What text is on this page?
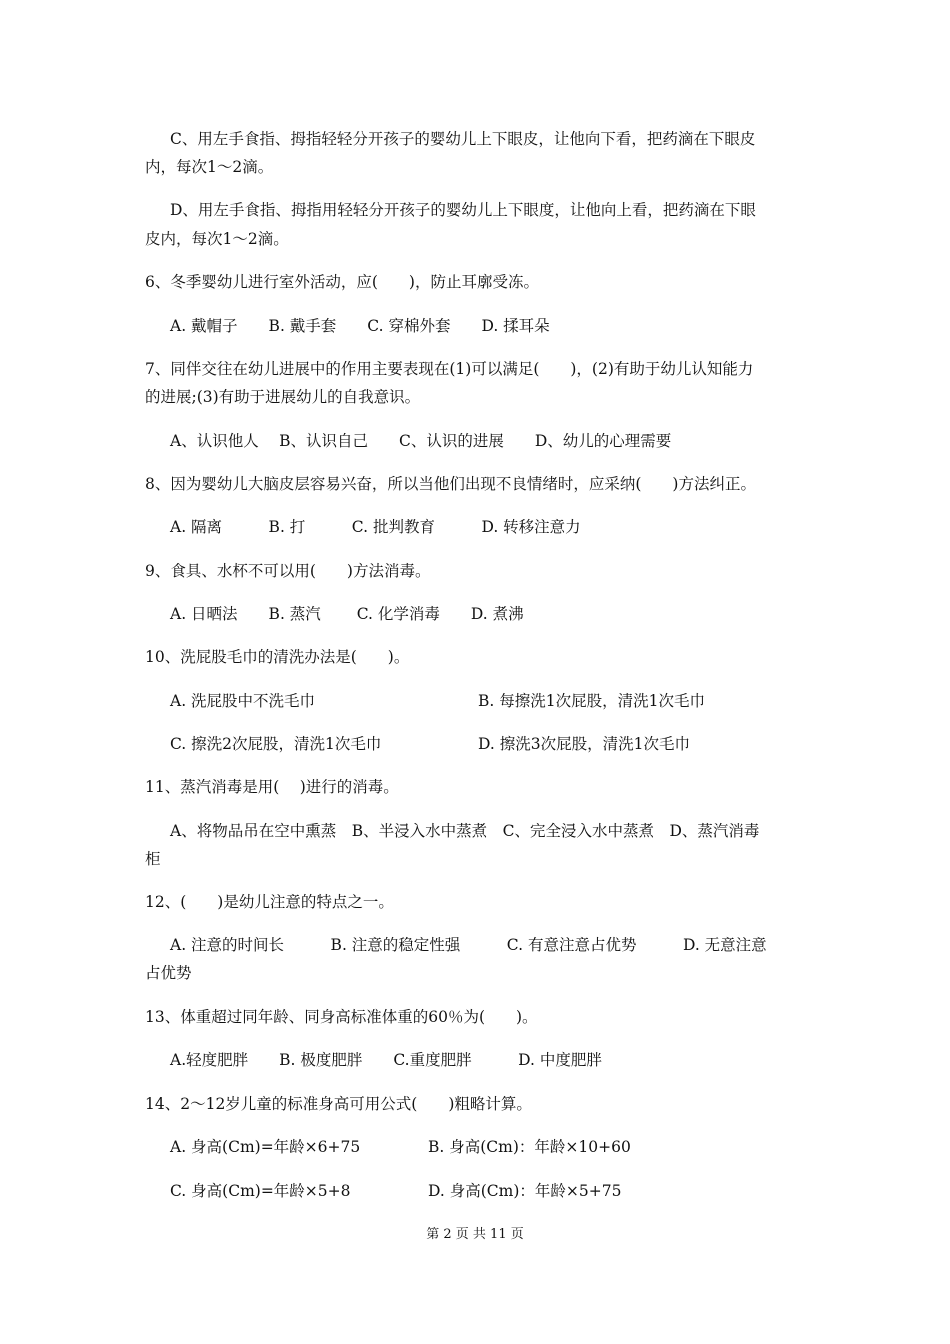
C、用左手食指、拇指轻轻分开孩子的婴幼儿上下眼皮，让他向下看，把药滴在下眼皮
内，每次1～2滴。
D、用左手食指、拇指用轻轻分开孩子的婴幼儿上下眼度，让他向上看，把药滴在下眼
皮内，每次1～2滴。
6、冬季婴幼儿进行室外活动，应(　　)，防止耳廓受冻。
A. 戴帽子　　B. 戴手套　　C. 穿棉外套　　D. 揉耳朵
7、同伴交往在幼儿进展中的作用主要表现在(1)可以满足(　　)，(2)有助于幼儿认知能力
的进展;(3)有助于进展幼儿的自我意识。
A、认识他人　 B、认识自己　　C、认识的进展　　D、幼儿的心理需要
8、因为婴幼儿大脑皮层容易兴奋，所以当他们出现不良情绪时，应采纳(　　)方法纠正。
A. 隔离　　　B. 打　　　C. 批判教育　　　D. 转移注意力
9、食具、水杯不可以用(　　)方法消毒。
A. 日晒法　　B. 蒸汽　　 C. 化学消毒　　D. 煮沸
10、洗屁股毛巾的清洗办法是(　　)。
A. 洗屁股中不洗毛巾	B. 每擦洗1次屁股，清洗1次毛巾
C. 擦洗2次屁股，清洗1次毛巾	D. 擦洗3次屁股，清洗1次毛巾
11、蒸汽消毒是用(　 )进行的消毒。
A、将物品吊在空中熏蒸　B、半浸入水中蒸煮　C、完全浸入水中蒸煮　D、蒸汽消毒
柜
12、(　　)是幼儿注意的特点之一。
A. 注意的时间长　　　B. 注意的稳定性强　　　C. 有意注意占优势　　　D. 无意注意
占优势
13、体重超过同年龄、同身高标准体重的60％为(　　)。
A.轻度肥胖　　B. 极度肥胖　　C.重度肥胖　　　D. 中度肥胖
14、2～12岁儿童的标准身高可用公式(　　)粗略计算。
A. 身高(Cm)=年龄×6+75	B. 身高(Cm)：年龄×10+60
C. 身高(Cm)=年龄×5+8	D. 身高(Cm)：年龄×5+75
第 2 页 共 11 页
